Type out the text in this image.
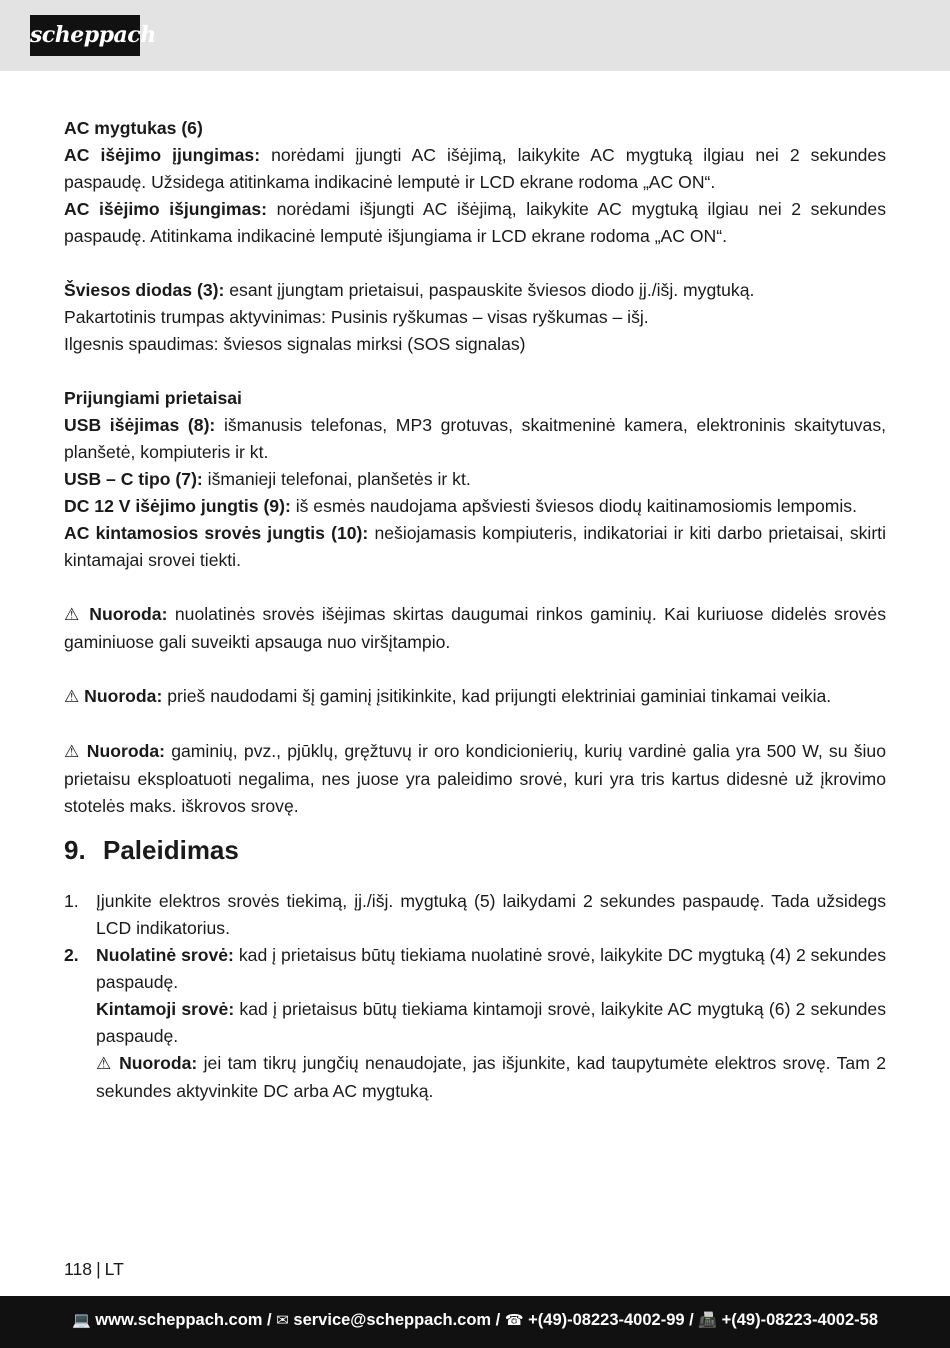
scheppach

AC mygtukas (6)

AC išėjimo įjungimas: norėdami įjungti AC išėjimą, laikykite AC mygtuką ilgiau nei 2 sekundes paspaudę. Užsidega atitinkama indikacinė lemputė ir LCD ekrane rodoma „AC ON“.

AC išėjimo išjungimas: norėdami išjungti AC išėjimą, laikykite AC mygtuką ilgiau nei 2 sekundes paspaudę. Atitinkama indikacinė lemputė išjungiama ir LCD ekrane rodoma „AC ON“.

Šviesos diodas (3): esant įjungtam prietaisui, paspauskite šviesos diodo įj./išj. mygtuką.

Pakartotinis trumpas aktyvinimas: Pusinis ryškumas – visas ryškumas – išj.

Ilgesnis spaudimas: šviesos signalas mirksi (SOS signalas)

Prijungiami prietaisai

USB išėjimas (8): išmanusis telefonas, MP3 grotuvas, skaitmeninė kamera, elektroninis skaitytuvas, planšetė, kompiuteris ir kt.

USB – C tipo (7): išmanieji telefonai, planšetės ir kt.

DC 12 V išėjimo jungtis (9): iš esmės naudojama apšviesti šviesos diodų kaitinamosiomis lempomis.

AC kintamosios srovės jungtis (10): nešiojamasis kompiuteris, indikatoriai ir kiti darbo prietaisai, skirti kintamajai srovei tiekti.

⚠ Nuoroda: nuolatinės srovės išėjimas skirtas daugumai rinkos gaminių. Kai kuriuose didelės srovės gaminiuose gali suveikti apsauga nuo viršįtampio.

⚠ Nuoroda: prieš naudodami šį gaminį įsitikinkite, kad prijungti elektriniai gaminiai tinkamai veikia.

⚠ Nuoroda: gaminių, pvz., pjūklų, gręžtuvų ir oro kondicionierių, kurių vardinė galia yra 500 W, su šiuo prietaisu eksploatuoti negalima, nes juose yra paleidimo srovė, kuri yra tris kartus didesnė už įkrovimo stotelės maks. iškrovos srovę.

9. Paleidimas
1. Įjunkite elektros srovės tiekimą, įj./išj. mygtuką (5) laikydami 2 sekundes paspaudę. Tada užsidegs LCD indikatorius.

2. Nuolatinė srovė: kad į prietaisus būtų tiekiama nuolatinė srovė, laikykite DC mygtuką (4) 2 sekundes paspaudę.

Kintamoji srovė: kad į prietaisus būtų tiekiama kintamoji srovė, laikykite AC mygtuką (6) 2 sekundes paspaudę.

⚠ Nuoroda: jei tam tikrų jungčių nenaudojate, jas išjunkite, kad taupytumėte elektros srovę. Tam 2 sekundes aktyvinkite DC arba AC mygtuką.

118 | LT
💻 www.scheppach.com / ✉ service@scheppach.com / ☎ +(49)-08223-4002-99 / 📠 +(49)-08223-4002-58
